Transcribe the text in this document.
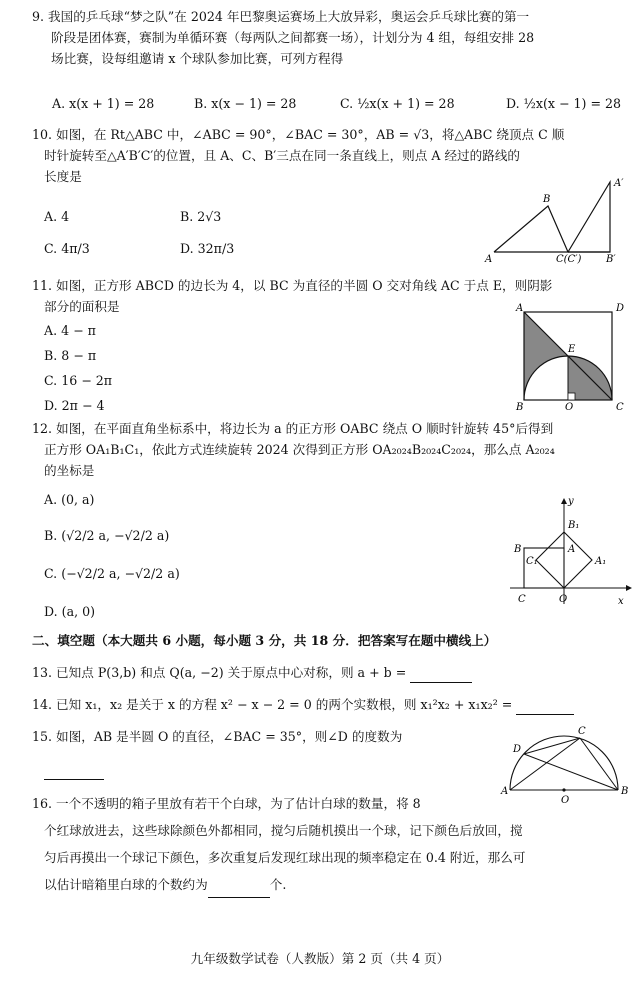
9. 我国的乒乓球“梦之队”在 2024 年巴黎奥运赛场上大放异彩，奥运会乒乓球比赛的第一
阶段是团体赛，赛制为单循环赛（每两队之间都赛一场），计划分为 4 组，每组安排 28
场比赛，设每组邀请 x 个球队参加比赛，可列方程得
A. x(x + 1) = 28	B. x(x − 1) = 28	C. ½x(x + 1) = 28	D. ½x(x − 1) = 28
10. 如图，在 Rt△ABC 中，∠ABC = 90°，∠BAC = 30°，AB = √3，将△ABC 绕顶点 C 顺
时针旋转至△A′B′C′的位置，且 A、C、B′三点在同一条直线上，则点 A 经过的路线的
长度是
A. 4	B. 2√3
C. 4π/3	D. 32π/3
A
B
C(C′) B′
A′
11. 如图，正方形 ABCD 的边长为 4，以 BC 为直径的半圆 O 交对角线 AC 于点 E，则阴影
部分的面积是
A. 4 − π
B. 8 − π
C. 16 − 2π
D. 2π − 4
A	D
B	C
E
O
12. 如图，在平面直角坐标系中，将边长为 a 的正方形 OABC 绕点 O 顺时针旋转 45°后得到
正方形 OA₁B₁C₁，依此方式连续旋转 2024 次得到正方形 OA₂₀₂₄B₂₀₂₄C₂₀₂₄，那么点 A₂₀₂₄
的坐标是
A. (0, a)
B. (√2/2 a, −√2/2 a)
C. (−√2/2 a, −√2/2 a)
D. (a, 0)
y
x
O
C
B	A
B₁
A₁
C₁
二、填空题（本大题共 6 小题，每小题 3 分，共 18 分．把答案写在题中横线上）
13. 已知点 P(3,b) 和点 Q(a, −2) 关于原点中心对称，则 a + b =
14. 已知 x₁，x₂ 是关于 x 的方程 x² − x − 2 = 0 的两个实数根，则 x₁²x₂ + x₁x₂² =
15. 如图，AB 是半圆 O 的直径，∠BAC = 35°，则∠D 的度数为
A	B
C
D
O
16. 一个不透明的箱子里放有若干个白球，为了估计白球的数量，将 8
个红球放进去，这些球除颜色外都相同，搅匀后随机摸出一个球，记下颜色后放回，搅
匀后再摸出一个球记下颜色，多次重复后发现红球出现的频率稳定在 0.4 附近，那么可
以估计暗箱里白球的个数约为	个.
九年级数学试卷（人教版）第 2 页（共 4 页）
